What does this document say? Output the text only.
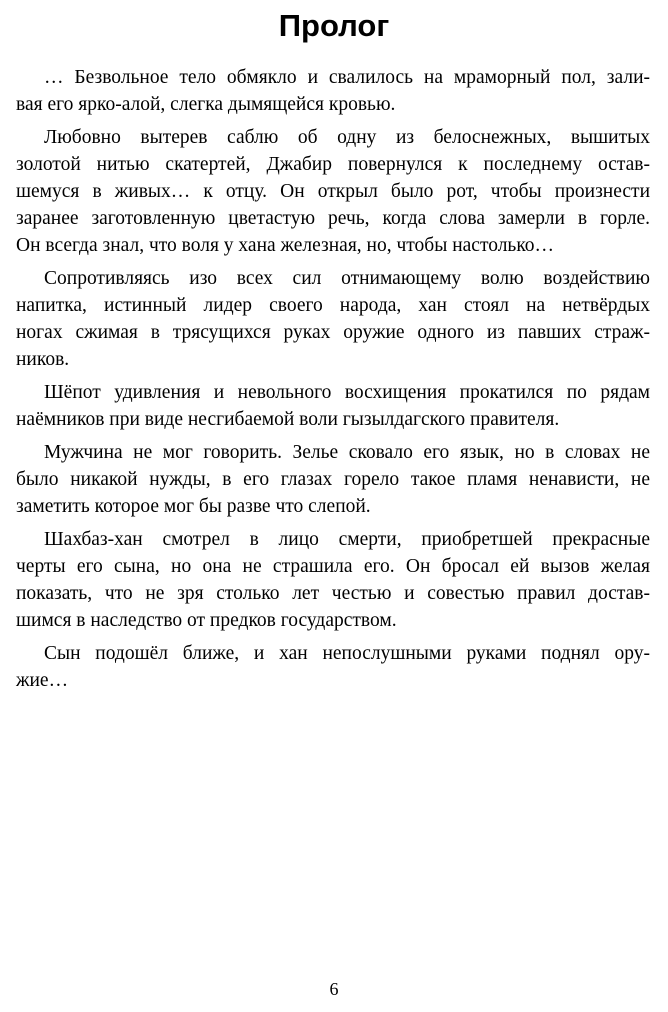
Пролог

… Безвольное тело обмякло и свалилось на мраморный пол, зали-
вая его ярко-алой, слегка дымящейся кровью.

Любовно вытерев саблю об одну из белоснежных, вышитых
золотой нитью скатертей, Джабир повернулся к последнему остав-
шемуся в живых… к отцу. Он открыл было рот, чтобы произнести
заранее заготовленную цветастую речь, когда слова замерли в горле.
Он всегда знал, что воля у хана железная, но, чтобы настолько…

Сопротивляясь изо всех сил отнимающему волю воздействию
напитка, истинный лидер своего народа, хан стоял на нетвёрдых
ногах сжимая в трясущихся руках оружие одного из павших страж-
ников.

Шёпот удивления и невольного восхищения прокатился по рядам
наёмников при виде несгибаемой воли гызылдагского правителя.

Мужчина не мог говорить. Зелье сковало его язык, но в словах не
было никакой нужды, в его глазах горело такое пламя ненависти, не
заметить которое мог бы разве что слепой.

Шахбаз-хан смотрел в лицо смерти, приобретшей прекрасные
черты его сына, но она не страшила его. Он бросал ей вызов желая
показать, что не зря столько лет честью и совестью правил достав-
шимся в наследство от предков государством.

Сын подошёл ближе, и хан непослушными руками поднял ору-
жие…

6
